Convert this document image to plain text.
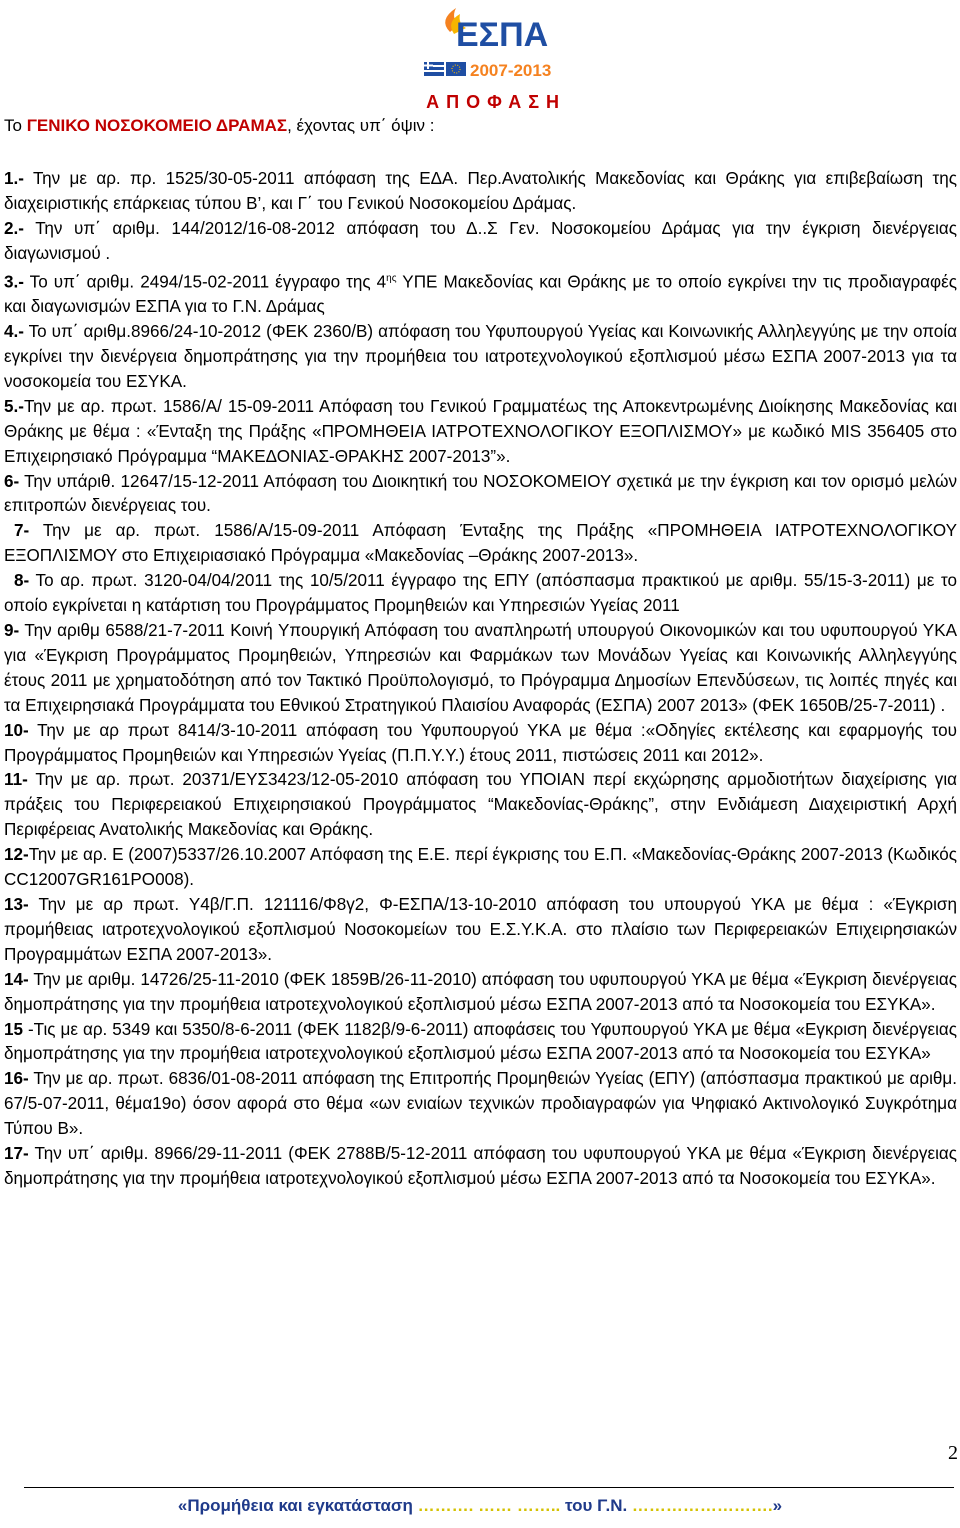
ΕΣΠΑ
2007-2013
Α Π Ο Φ Α Σ Η
Το ΓΕΝΙΚΟ ΝΟΣΟΚΟΜΕΙΟ ΔΡΑΜΑΣ, έχοντας υπ΄ όψιν :

1.- Την με αρ. πρ. 1525/30-05-2011 απόφαση της ΕΔΑ. Περ.Ανατολικής Μακεδονίας και Θράκης για επιβεβαίωση της διαχειριστικής επάρκειας τύπου Β’, και Γ΄ του Γενικού Νοσοκομείου Δράμας.

2.- Την υπ΄ αριθμ. 144/2012/16-08-2012 απόφαση του Δ..Σ Γεν. Νοσοκομείου Δράμας για την έγκριση διενέργειας διαγωνισμού .

3.- Το υπ΄ αριθμ. 2494/15-02-2011 έγγραφο της $4^{\eta\varsigma}$ ΥΠΕ Μακεδονίας και Θράκης με το οποίο εγκρίνει την τις προδιαγραφές και διαγωνισμών ΕΣΠΑ για το Γ.Ν. Δράμας

4.- Το υπ΄ αριθμ.8966/24-10-2012 (ΦΕΚ 2360/Β) απόφαση του Υφυπουργού Υγείας και Κοινωνικής Αλληλεγγύης με την οποία εγκρίνει την διενέργεια δημοπράτησης για την προμήθεια του ιατροτεχνολογικού εξοπλισμού μέσω ΕΣΠΑ 2007-2013 για τα νοσοκομεία του ΕΣΥΚΑ.

5.-Την με αρ. πρωτ. 1586/Α/ 15-09-2011 Απόφαση του Γενικού Γραμματέως της Αποκεντρωμένης Διοίκησης Μακεδονίας και Θράκης με θέμα : «Ένταξη της Πράξης «ΠΡΟΜΗΘΕΙΑ ΙΑΤΡΟΤΕΧΝΟΛΟΓΙΚΟΥ ΕΞΟΠΛΙΣΜΟΥ» με κωδικό MIS 356405 στο Επιχειρησιακό Πρόγραμμα “ΜΑΚΕΔΟΝΙΑΣ-ΘΡΑΚΗΣ 2007-2013”».

6- Την υπάριθ. 12647/15-12-2011 Απόφαση του Διοικητική του ΝΟΣΟΚΟΜΕΙΟΥ σχετικά με την έγκριση και τον ορισμό μελών επιτροπών διενέργειας του.

7- Την με αρ. πρωτ. 1586/Α/15-09-2011 Απόφαση Ένταξης της Πράξης «ΠΡΟΜΗΘΕΙΑ ΙΑΤΡΟΤΕΧΝΟΛΟΓΙΚΟΥ ΕΞΟΠΛΙΣΜΟΥ στο Επιχειριασιακό Πρόγραμμα «Μακεδονίας –Θράκης 2007-2013».

8- Το αρ. πρωτ. 3120-04/04/2011 της 10/5/2011 έγγραφο της ΕΠΥ (απόσπασμα πρακτικού με αριθμ. 55/15-3-2011) με το οποίο εγκρίνεται η κατάρτιση του Προγράμματος Προμηθειών και Υπηρεσιών Υγείας 2011

9- Την αριθμ 6588/21-7-2011 Κοινή Υπουργική Απόφαση του αναπληρωτή υπουργού Οικονομικών και του υφυπουργού ΥΚΑ για «Έγκριση Προγράμματος Προμηθειών, Υπηρεσιών και Φαρμάκων των Μονάδων Υγείας και Κοινωνικής Αλληλεγγύης έτους 2011 με χρηματοδότηση από τον Τακτικό Προϋπολογισμό, το Πρόγραμμα Δημοσίων Επενδύσεων, τις λοιπές πηγές και τα Επιχειρησιακά Προγράμματα του Εθνικού Στρατηγικού Πλαισίου Αναφοράς (ΕΣΠΑ) 2007 2013» (ΦΕΚ 1650Β/25-7-2011) .

10- Την με αρ πρωτ 8414/3-10-2011 απόφαση του Υφυπουργού ΥΚΑ με θέμα :«Οδηγίες εκτέλεσης και εφαρμογής του Προγράμματος Προμηθειών και Υπηρεσιών Υγείας (Π.Π.Υ.Υ.) έτους 2011, πιστώσεις 2011 και 2012».

11- Την με αρ. πρωτ. 20371/ΕΥΣ3423/12-05-2010 απόφαση του ΥΠΟΙΑΝ περί εκχώρησης αρμοδιοτήτων διαχείρισης για πράξεις του Περιφερειακού Επιχειρησιακού Προγράμματος “Μακεδονίας-Θράκης”, στην Ενδιάμεση Διαχειριστική Αρχή Περιφέρειας Ανατολικής Μακεδονίας και Θράκης.

12-Την με αρ. Ε (2007)5337/26.10.2007 Απόφαση της Ε.Ε. περί έγκρισης του Ε.Π. «Μακεδονίας-Θράκης 2007-2013 (Κωδικός CC12007GR161PO008).

13- Την με αρ πρωτ. Υ4β/Γ.Π. 121116/Φ8γ2, Φ-ΕΣΠΑ/13-10-2010 απόφαση του υπουργού ΥΚΑ με θέμα : «Έγκριση προμήθειας ιατροτεχνολογικού εξοπλισμού Νοσοκομείων του Ε.Σ.Υ.Κ.Α. στο πλαίσιο των Περιφερειακών Επιχειρησιακών Προγραμμάτων ΕΣΠΑ 2007-2013».

14- Την με αριθμ. 14726/25-11-2010 (ΦΕΚ 1859Β/26-11-2010) απόφαση του υφυπουργού ΥΚΑ με θέμα «Έγκριση διενέργειας δημοπράτησης για την προμήθεια ιατροτεχνολογικού εξοπλισμού μέσω ΕΣΠΑ 2007-2013 από τα Νοσοκομεία του ΕΣΥΚΑ».

15 -Τις με αρ. 5349 και 5350/8-6-2011 (ΦΕΚ 1182β/9-6-2011) αποφάσεις του Υφυπουργού ΥΚΑ με θέμα «Εγκριση διενέργειας δημοπράτησης για την προμήθεια ιατροτεχνολογικού εξοπλισμού μέσω ΕΣΠΑ 2007-2013 από τα Νοσοκομεία του ΕΣΥΚΑ»

16- Την με αρ. πρωτ. 6836/01-08-2011 απόφαση της Επιτροπής Προμηθειών Υγείας (ΕΠΥ) (απόσπασμα πρακτικού με αριθμ. 67/5-07-2011, θέμα19ο) όσον αφορά στο θέμα «ων ενιαίων τεχνικών προδιαγραφών για Ψηφιακό Ακτινολογικό Συγκρότημα Τύπου Β».

17- Την υπ΄ αριθμ. 8966/29-11-2011 (ΦΕΚ 2788Β/5-12-2011 απόφαση του υφυπουργού ΥΚΑ με θέμα «Έγκριση διενέργειας δημοπράτησης για την προμήθεια ιατροτεχνολογικού εξοπλισμού μέσω ΕΣΠΑ 2007-2013 από τα Νοσοκομεία του ΕΣΥΚΑ».

2
«Προμήθεια και εγκατάσταση ………. …… …….. του Γ.Ν. …………………….»
